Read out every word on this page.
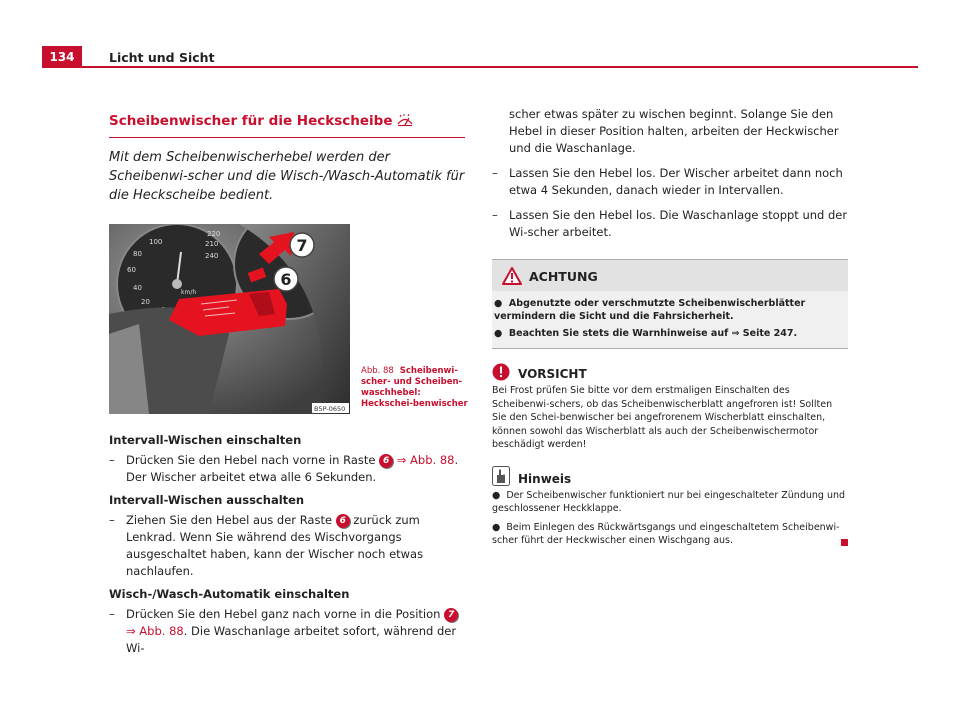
134	Licht und Sicht
Scheibenwischer für die Heckscheibe

Mit dem Scheibenwischerhebel werden der Scheibenwi-scher und die Wisch-/Wasch-Automatik für die Heckscheibe bedient.

100
80
60
40
20
km/h
210
220
240
7
6
B5P-0650
Abb. 88 Scheibenwi-scher- und Scheiben-waschhebel: Heckschei-benwischer

Intervall-Wischen einschalten

– Drücken Sie den Hebel nach vorne in Raste 6 ⇒ Abb. 88. Der Wischer arbeitet etwa alle 6 Sekunden.

Intervall-Wischen ausschalten

– Ziehen Sie den Hebel aus der Raste 6 zurück zum Lenkrad. Wenn Sie während des Wischvorgangs ausgeschaltet haben, kann der Wischer noch etwas nachlaufen.

Wisch-/Wasch-Automatik einschalten

– Drücken Sie den Hebel ganz nach vorne in die Position 7
⇒ Abb. 88. Die Waschanlage arbeitet sofort, während der Wi-

scher etwas später zu wischen beginnt. Solange Sie den Hebel in dieser Position halten, arbeiten der Heckwischer und die Waschanlage.

– Lassen Sie den Hebel los. Der Wischer arbeitet dann noch etwa 4 Sekunden, danach wieder in Intervallen.

– Lassen Sie den Hebel los. Die Waschanlage stoppt und der Wi-scher arbeitet.

ACHTUNG

● Abgenutzte oder verschmutzte Scheibenwischerblätter vermindern die Sicht und die Fahrsicherheit.

● Beachten Sie stets die Warnhinweise auf ⇒ Seite 247.

VORSICHT

Bei Frost prüfen Sie bitte vor dem erstmaligen Einschalten des Scheibenwi-schers, ob das Scheibenwischerblatt angefroren ist! Sollten Sie den Schei-benwischer bei angefrorenem Wischerblatt einschalten, können sowohl das Wischerblatt als auch der Scheibenwischermotor beschädigt werden!

Hinweis

● Der Scheibenwischer funktioniert nur bei eingeschalteter Zündung und geschlossener Heckklappe.

● Beim Einlegen des Rückwärtsgangs und eingeschaltetem Scheibenwi-scher führt der Heckwischer einen Wischgang aus.
